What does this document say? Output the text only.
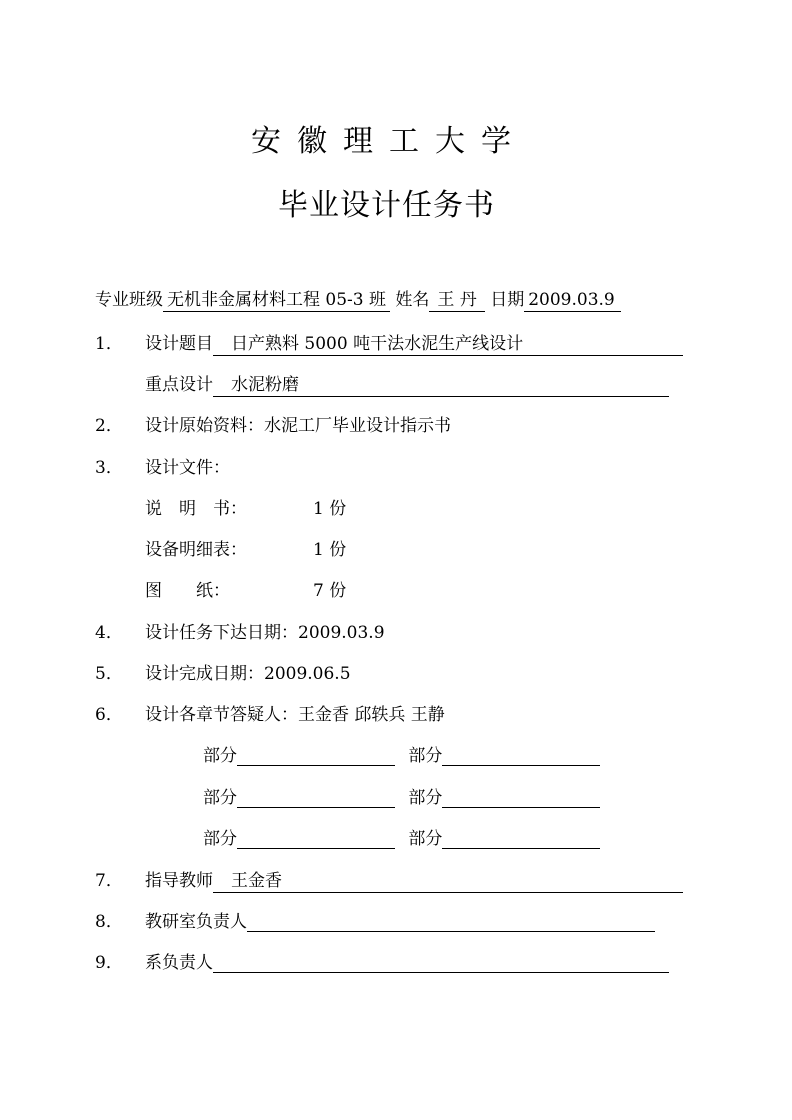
安徽理工大学
毕业设计任务书
专业班级 无机非金属材料工程 05-3 班 姓名 王 丹 日期 2009.03.9
1． 设计题目 日产熟料 5000 吨干法水泥生产线设计
重点设计 水泥粉磨
2． 设计原始资料：水泥工厂毕业设计指示书
3． 设计文件：
说　明　书：	1 份
设备明细表：	1 份
图　　纸：	7 份
4． 设计任务下达日期：2009.03.9
5． 设计完成日期：2009.06.5
6． 设计各章节答疑人：王金香 邱轶兵 王静
部分	部分
部分	部分
部分	部分
7． 指导教师 王金香
8． 教研室负责人
9． 系负责人
